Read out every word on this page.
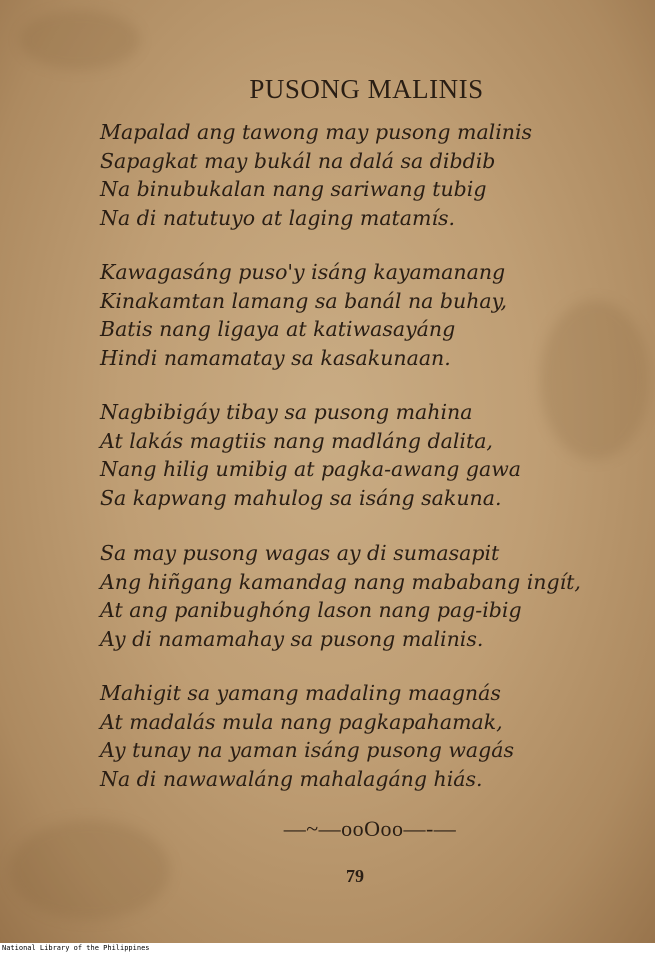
PUSONG MALINIS
Mapalad ang tawong may pusong malinis
Sapagkat may bukál na dalá sa dibdib
Na binubukalan nang sariwang tubig
Na di natutuyo at laging matamís.
Kawagasáng puso'y isáng kayamanang
Kinakamtan lamang sa banál na buhay,
Batis nang ligaya at katiwasayáng
Hindi namamatay sa kasakunaan.
Nagbibigáy tibay sa pusong mahina
At lakás magtiis nang madláng dalita,
Nang hilig umibig at pagka-awang gawa
Sa kapwang mahulog sa isáng sakuna.
Sa may pusong wagas ay di sumasapit
Ang hiñgang kamandag nang mababang ingít,
At ang panibughóng lason nang pag-ibig
Ay di namamahay sa pusong malinis.
Mahigit sa yamang madaling maagnás
At madalás mula nang pagkapahamak,
Ay tunay na yaman isáng pusong wagás
Na di nawawaláng mahalagáng hiás.
—~—ooOoo—-—
79
National Library of the Philippines
